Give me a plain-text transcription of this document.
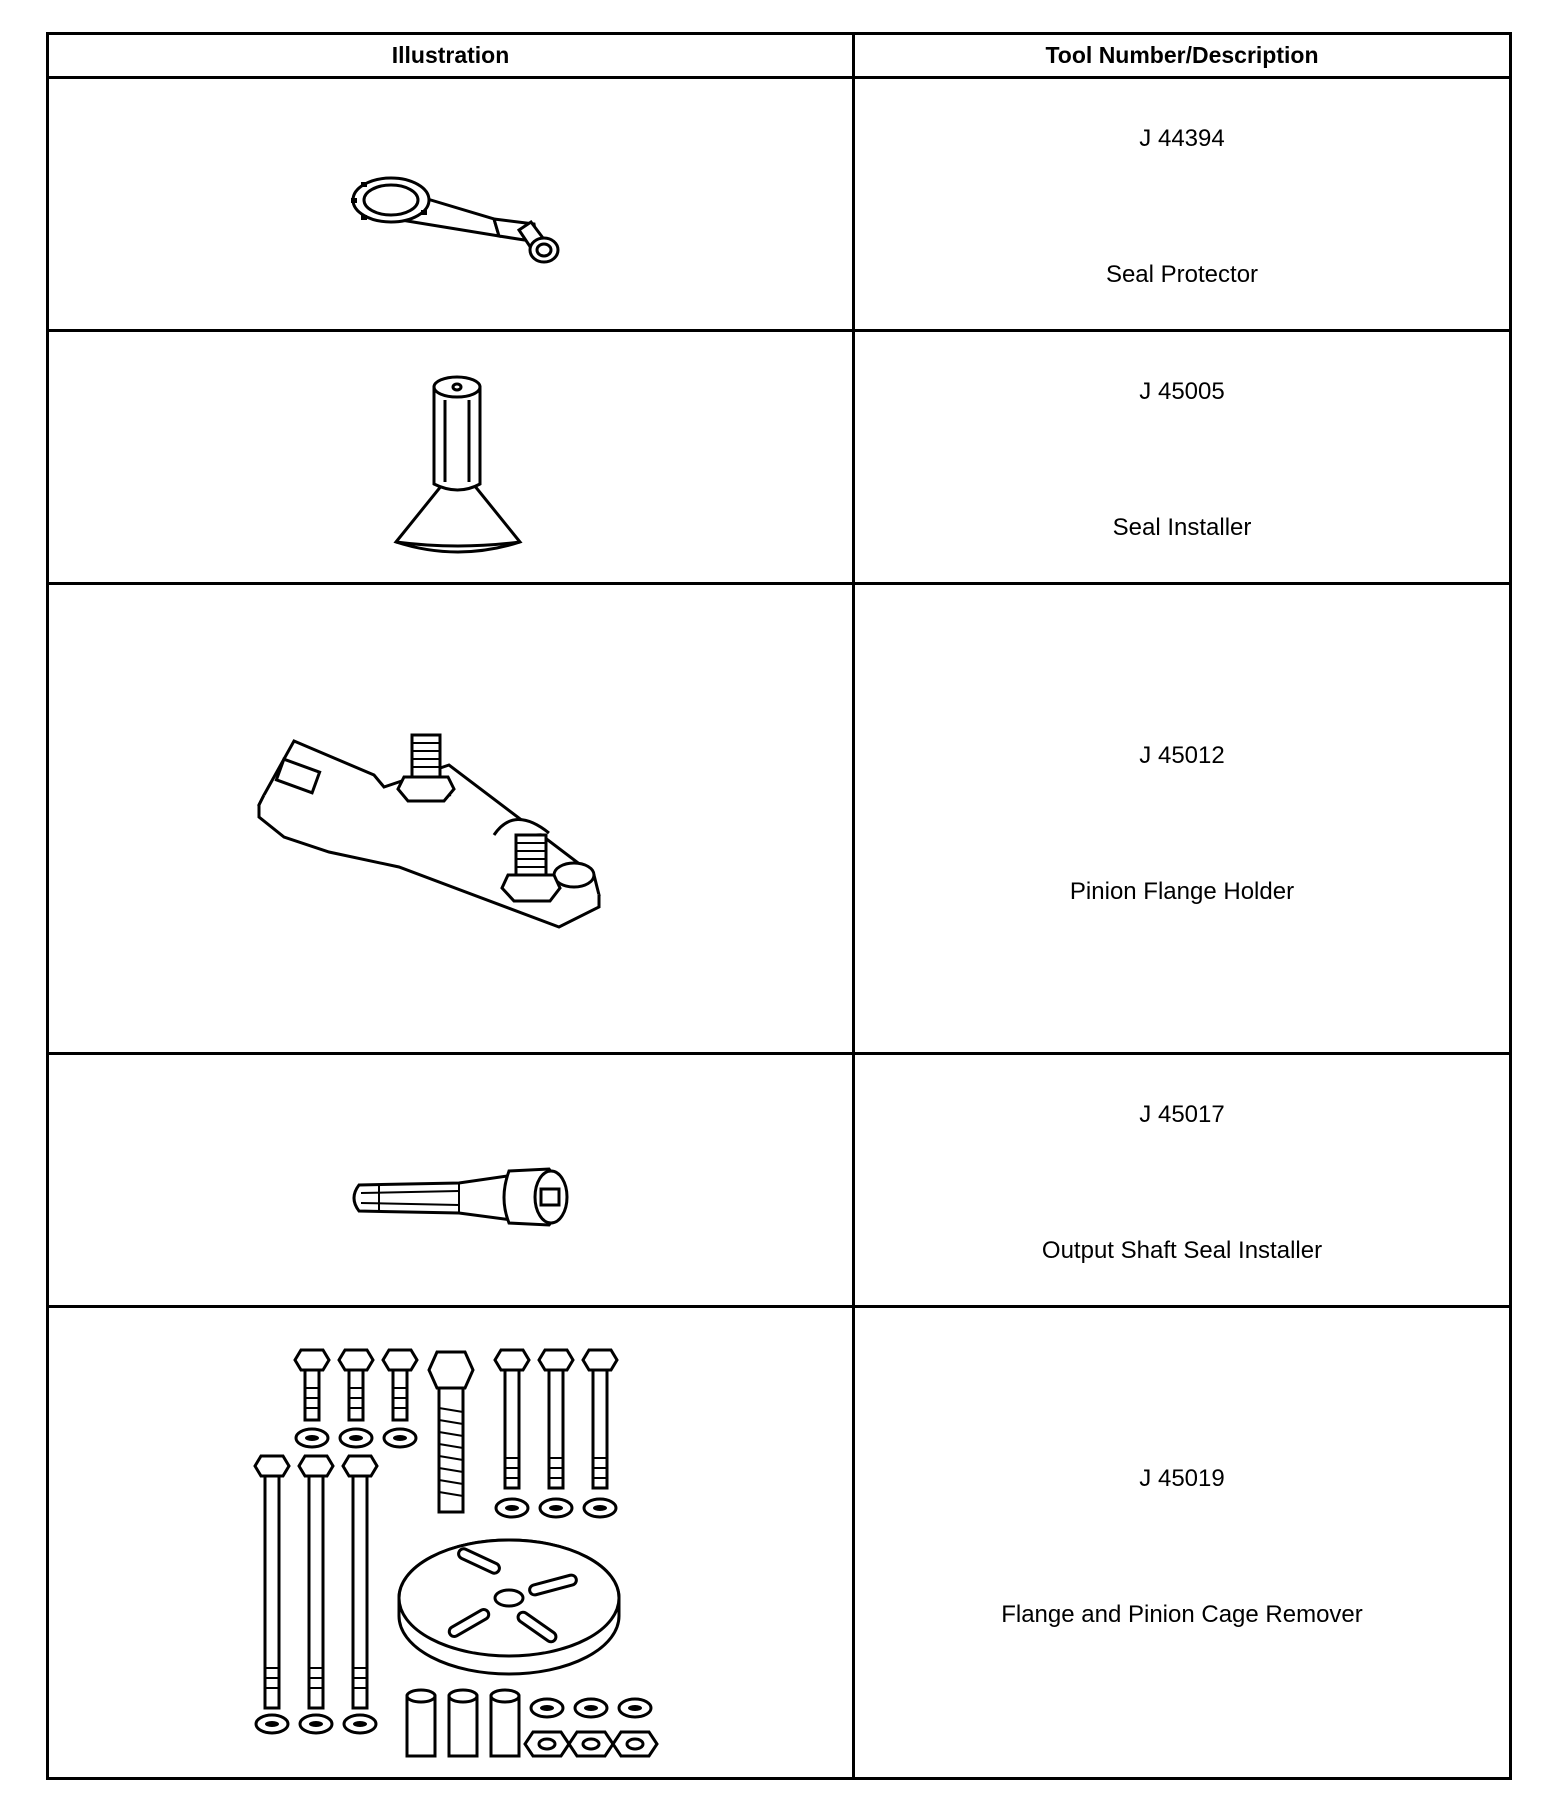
Illustration	Tool Number/Description
J 44394
Seal Protector
J 45005
Seal Installer
J 45012
Pinion Flange Holder
J 45017
Output Shaft Seal Installer
J 45019
Flange and Pinion Cage Remover
